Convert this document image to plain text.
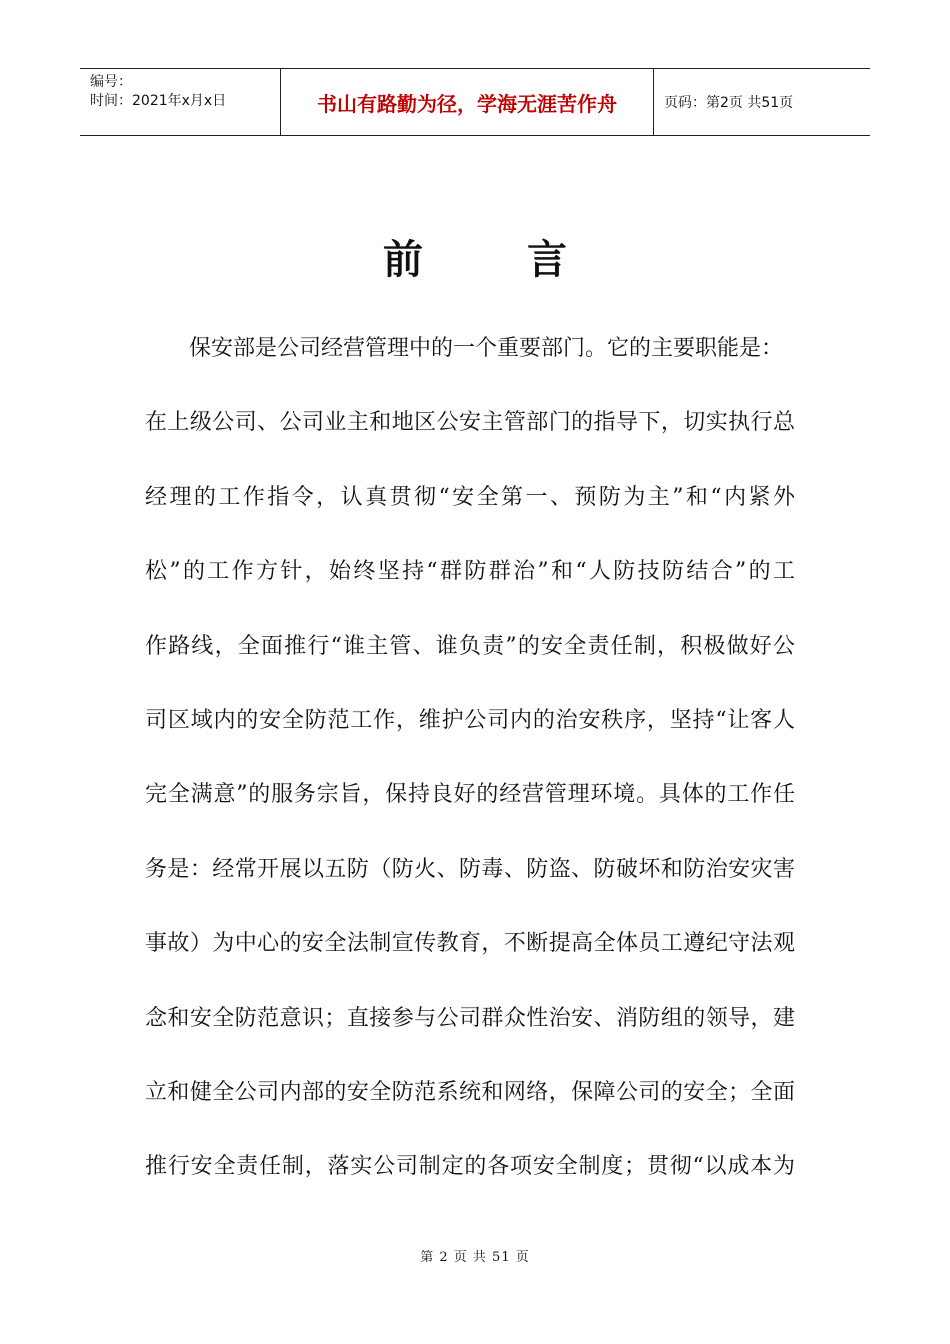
编号：
时间：2021年x月x日	书山有路勤为径，学海无涯苦作舟	页码：第2页 共51页
前	言
保安部是公司经营管理中的一个重要部门。它的主要职能是：
在上级公司、公司业主和地区公安主管部门的指导下，切实执行总
经理的工作指令，认真贯彻“安全第一、预防为主”和“内紧外
松”的工作方针，始终坚持“群防群治”和“人防技防结合”的工
作路线，全面推行“谁主管、谁负责”的安全责任制，积极做好公
司区域内的安全防范工作，维护公司内的治安秩序，坚持“让客人
完全满意”的服务宗旨，保持良好的经营管理环境。具体的工作任
务是：经常开展以五防（防火、防毒、防盗、防破坏和防治安灾害
事故）为中心的安全法制宣传教育，不断提高全体员工遵纪守法观
念和安全防范意识；直接参与公司群众性治安、消防组的领导，建
立和健全公司内部的安全防范系统和网络，保障公司的安全；全面
推行安全责任制，落实公司制定的各项安全制度；贯彻“以成本为
第 2 页 共 51 页
